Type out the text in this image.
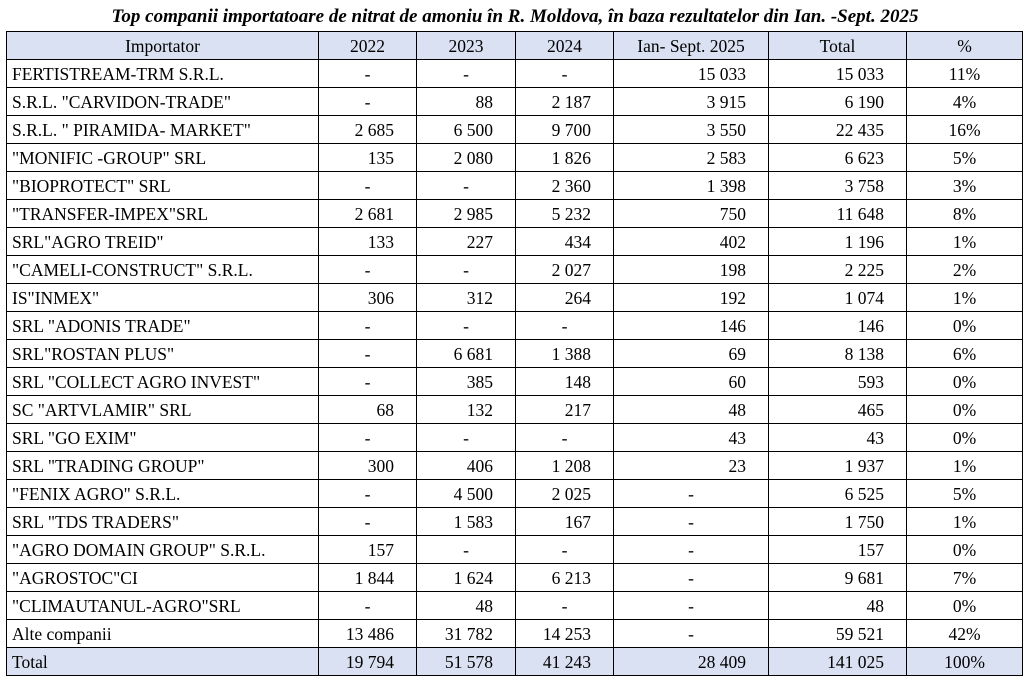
Top companii importatoare de nitrat de amoniu în R. Moldova, în baza rezultatelor din Ian. -Sept. 2025
Importator	2022	2023	2024	Ian- Sept. 2025	Total	%
FERTISTREAM-TRM S.R.L.	-	-	-	15 033	15 033	11%
S.R.L. "CARVIDON-TRADE"	-	88	2 187	3 915	6 190	4%
S.R.L. " PIRAMIDA- MARKET"	2 685	6 500	9 700	3 550	22 435	16%
"MONIFIC -GROUP" SRL	135	2 080	1 826	2 583	6 623	5%
"BIOPROTECT" SRL	-	-	2 360	1 398	3 758	3%
"TRANSFER-IMPEX"SRL	2 681	2 985	5 232	750	11 648	8%
SRL"AGRO TREID"	133	227	434	402	1 196	1%
"CAMELI-CONSTRUCT" S.R.L.	-	-	2 027	198	2 225	2%
IS"INMEX"	306	312	264	192	1 074	1%
SRL "ADONIS TRADE"	-	-	-	146	146	0%
SRL"ROSTAN PLUS"	-	6 681	1 388	69	8 138	6%
SRL "COLLECT AGRO INVEST"	-	385	148	60	593	0%
SC "ARTVLAMIR" SRL	68	132	217	48	465	0%
SRL "GO EXIM"	-	-	-	43	43	0%
SRL "TRADING GROUP"	300	406	1 208	23	1 937	1%
"FENIX AGRO" S.R.L.	-	4 500	2 025	-	6 525	5%
SRL "TDS TRADERS"	-	1 583	167	-	1 750	1%
"AGRO DOMAIN GROUP" S.R.L.	157	-	-	-	157	0%
"AGROSTOC"CI	1 844	1 624	6 213	-	9 681	7%
"CLIMAUTANUL-AGRO"SRL	-	48	-	-	48	0%
Alte companii	13 486	31 782	14 253	-	59 521	42%
Total	19 794	51 578	41 243	28 409	141 025	100%
